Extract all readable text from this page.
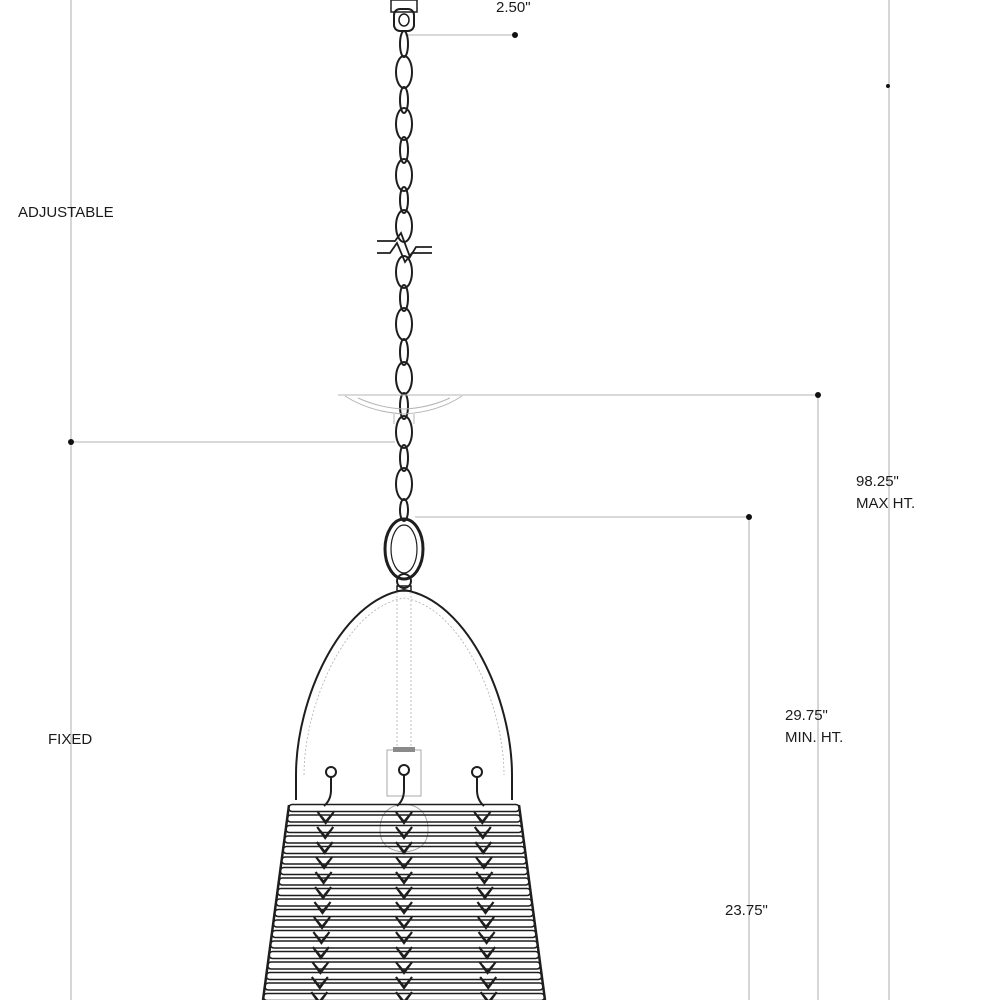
2.50"
ADJUSTABLE
FIXED
98.25"
MAX HT.
29.75"
MIN. HT.
23.75"
